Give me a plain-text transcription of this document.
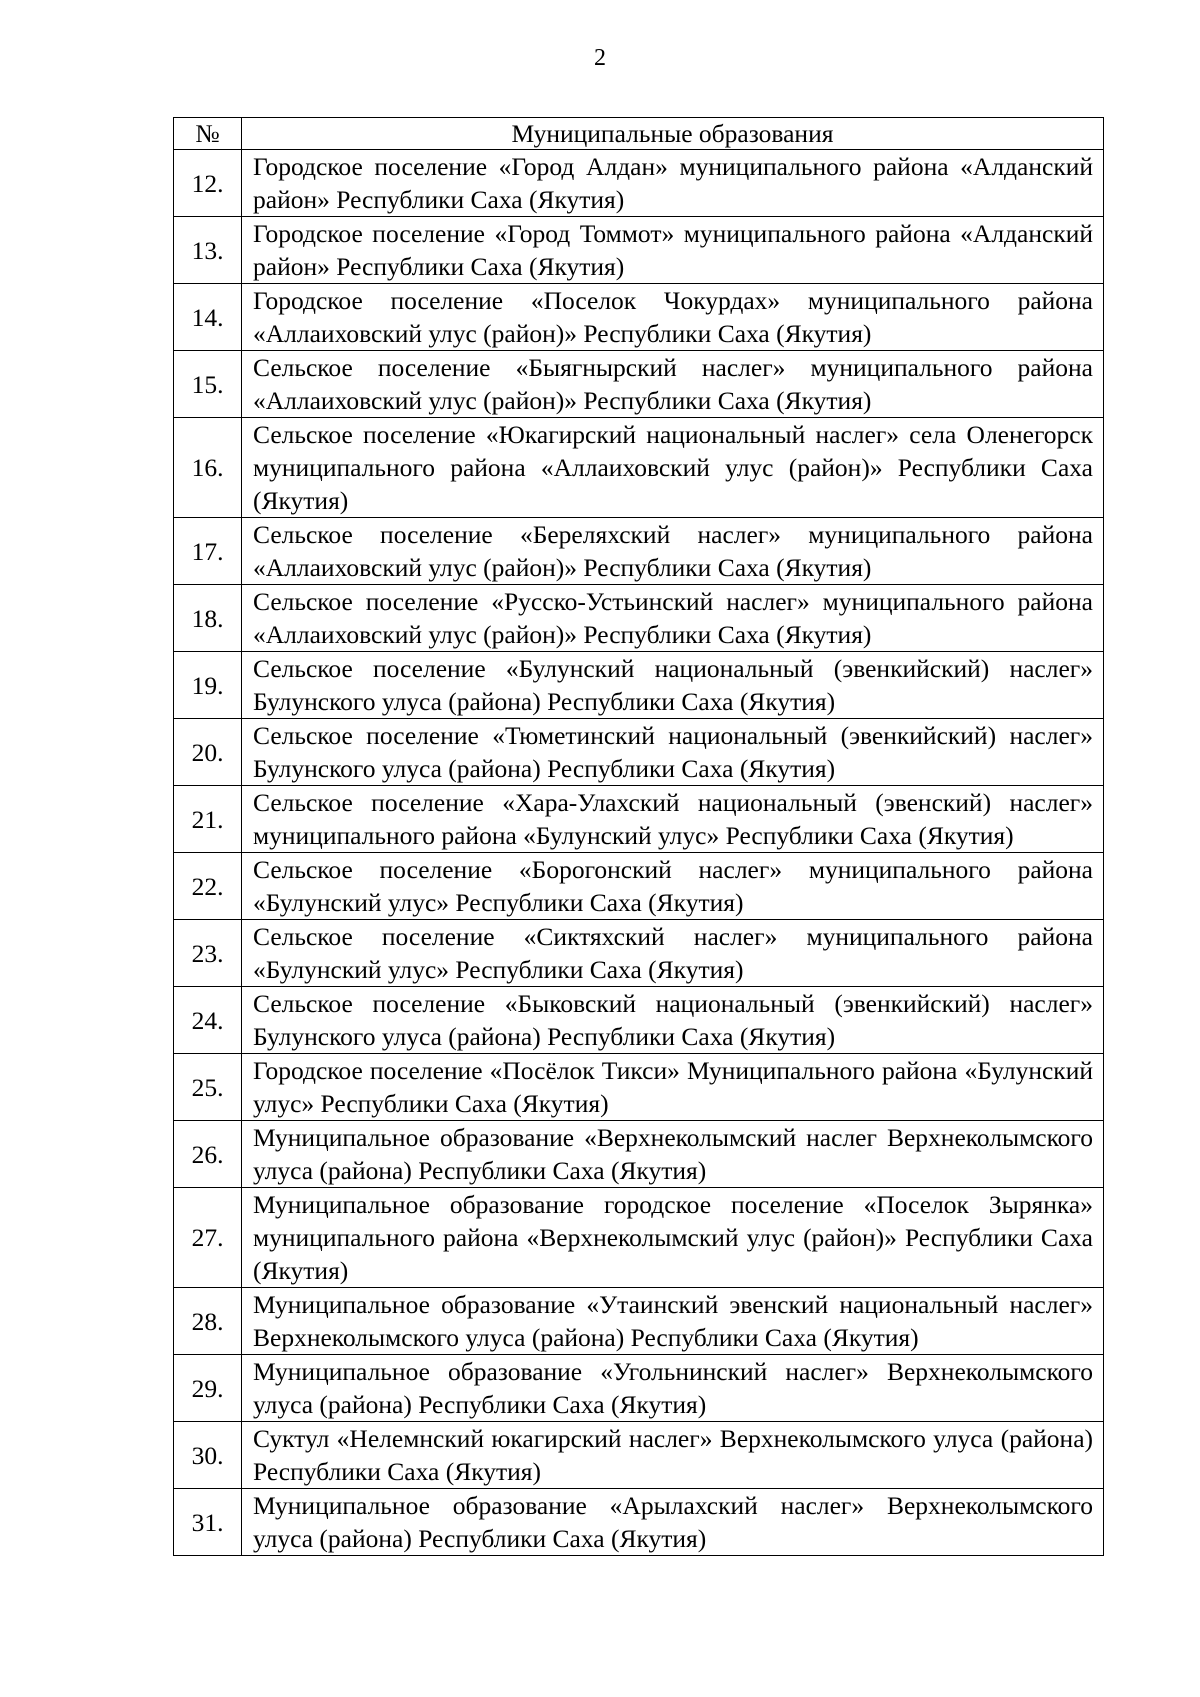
2
№	Муниципальные образования
12.	Городское поселение «Город Алдан» муниципального района «Алданский район» Республики Саха (Якутия)
13.	Городское поселение «Город Томмот» муниципального района «Алданский район» Республики Саха (Якутия)
14.	Городское поселение «Поселок Чокурдах» муниципального района «Аллаиховский улус (район)» Республики Саха (Якутия)
15.	Сельское поселение «Быягнырский наслег» муниципального района «Аллаиховский улус (район)» Республики Саха (Якутия)
16.	Сельское поселение «Юкагирский национальный наслег» села Оленегорск муниципального района «Аллаиховский улус (район)» Республики Саха (Якутия)
17.	Сельское поселение «Береляхский наслег» муниципального района «Аллаиховский улус (район)» Республики Саха (Якутия)
18.	Сельское поселение «Русско-Устьинский наслег» муниципального района «Аллаиховский улус (район)» Республики Саха (Якутия)
19.	Сельское поселение «Булунский национальный (эвенкийский) наслег» Булунского улуса (района) Республики Саха (Якутия)
20.	Сельское поселение «Тюметинский национальный (эвенкийский) наслег» Булунского улуса (района) Республики Саха (Якутия)
21.	Сельское поселение «Хара-Улахский национальный (эвенский) наслег» муниципального района «Булунский улус» Республики Саха (Якутия)
22.	Сельское поселение «Борогонский наслег» муниципального района «Булунский улус» Республики Саха (Якутия)
23.	Сельское поселение «Сиктяхский наслег» муниципального района «Булунский улус» Республики Саха (Якутия)
24.	Сельское поселение «Быковский национальный (эвенкийский) наслег» Булунского улуса (района) Республики Саха (Якутия)
25.	Городское поселение «Посёлок Тикси» Муниципального района «Булунский улус» Республики Саха (Якутия)
26.	Муниципальное образование «Верхнеколымский наслег Верхнеколымского улуса (района) Республики Саха (Якутия)
27.	Муниципальное образование городское поселение «Поселок Зырянка» муниципального района «Верхнеколымский улус (район)» Республики Саха (Якутия)
28.	Муниципальное образование «Утаинский эвенский национальный наслег» Верхнеколымского улуса (района) Республики Саха (Якутия)
29.	Муниципальное образование «Угольнинский наслег» Верхнеколымского улуса (района) Республики Саха (Якутия)
30.	Суктул «Нелемнский юкагирский наслег» Верхнеколымского улуса (района) Республики Саха (Якутия)
31.	Муниципальное образование «Арылахский наслег» Верхнеколымского улуса (района) Республики Саха (Якутия)
